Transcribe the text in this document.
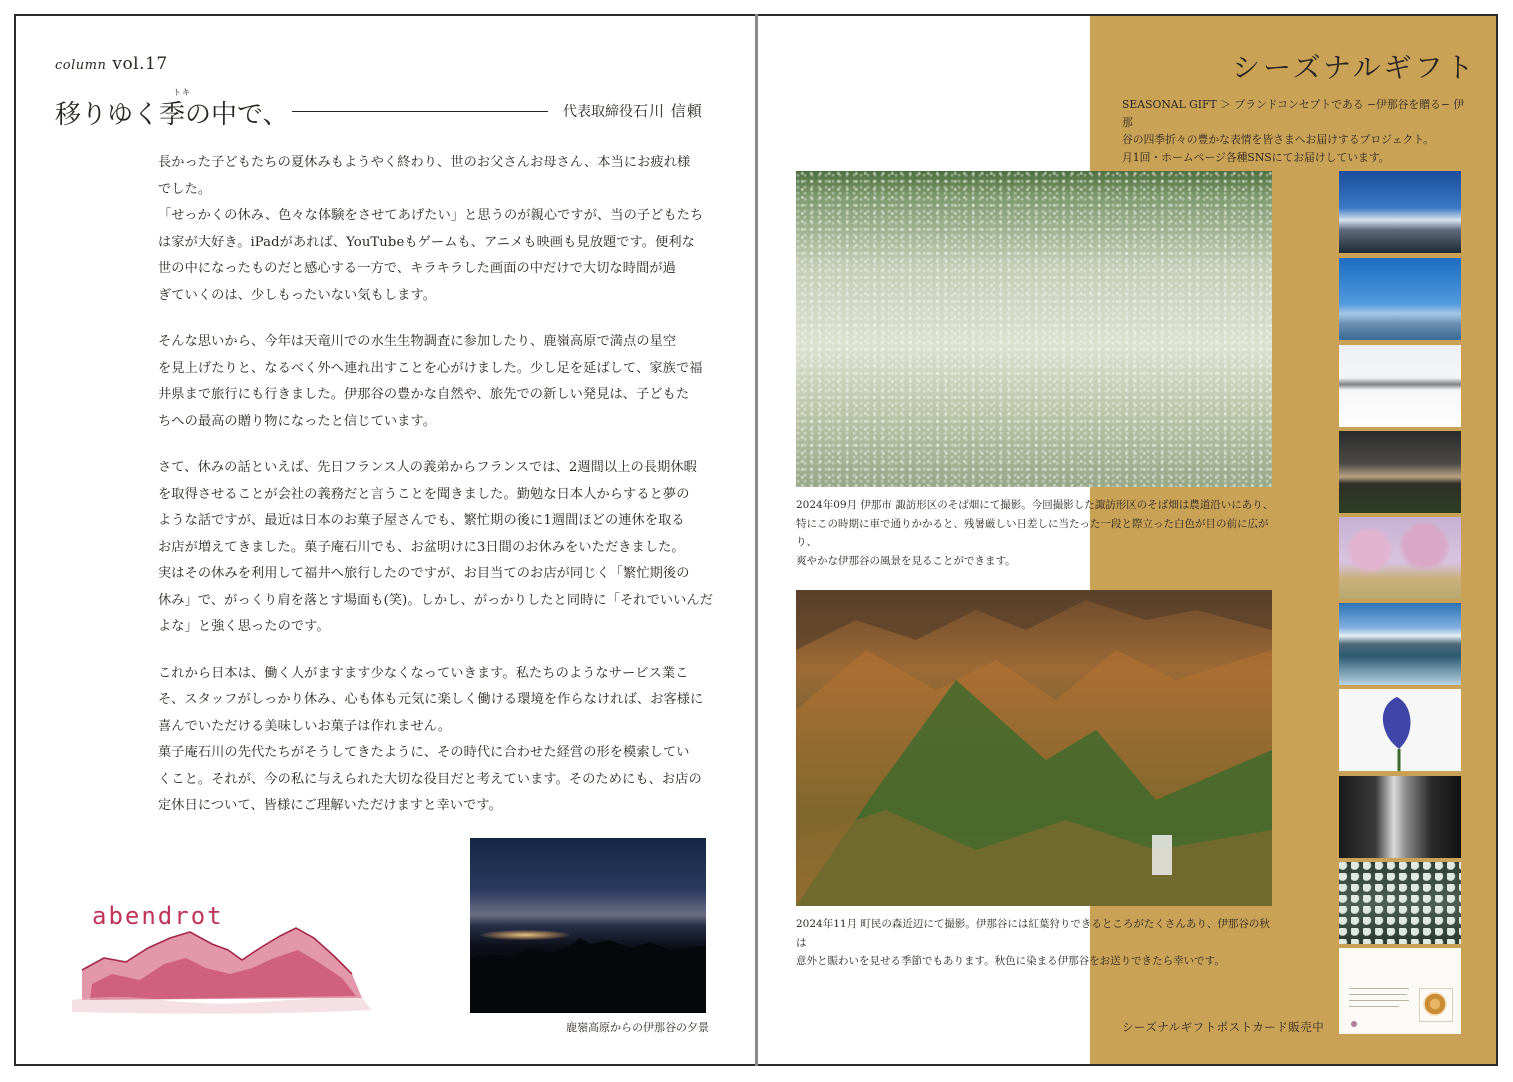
column vol.17
移りゆく季の中で、
トキ
代表取締役 石川 信頼

長かった子どもたちの夏休みもようやく終わり、世のお父さんお母さん、本当にお疲れ様

でした。

「せっかくの休み、色々な体験をさせてあげたい」と思うのが親心ですが、当の子どもたち

は家が大好き。iPadがあれば、YouTubeもゲームも、アニメも映画も見放題です。便利な

世の中になったものだと感心する一方で、キラキラした画面の中だけで大切な時間が過

ぎていくのは、少しもったいない気もします。

そんな思いから、今年は天竜川での水生生物調査に参加したり、鹿嶺高原で満点の星空

を見上げたりと、なるべく外へ連れ出すことを心がけました。少し足を延ばして、家族で福

井県まで旅行にも行きました。伊那谷の豊かな自然や、旅先での新しい発見は、子どもた

ちへの最高の贈り物になったと信じています。

さて、休みの話といえば、先日フランス人の義弟からフランスでは、2週間以上の長期休暇

を取得させることが会社の義務だと言うことを聞きました。勤勉な日本人からすると夢の

ような話ですが、最近は日本のお菓子屋さんでも、繁忙期の後に1週間ほどの連休を取る

お店が増えてきました。菓子庵石川でも、お盆明けに3日間のお休みをいただきました。

実はその休みを利用して福井へ旅行したのですが、お目当てのお店が同じく「繁忙期後の

休み」で、がっくり肩を落とす場面も(笑)。しかし、がっかりしたと同時に「それでいいんだ

よな」と強く思ったのです。

これから日本は、働く人がますます少なくなっていきます。私たちのようなサービス業こ

そ、スタッフがしっかり休み、心も体も元気に楽しく働ける環境を作らなければ、お客様に

喜んでいただける美味しいお菓子は作れません。

菓子庵石川の先代たちがそうしてきたように、その時代に合わせた経営の形を模索してい

くこと。それが、今の私に与えられた大切な役目だと考えています。そのためにも、お店の

定休日について、皆様にご理解いただけますと幸いです。

abendrot
鹿嶺高原からの伊那谷の夕景
シーズナルギフト

SEASONAL GIFT ＞ ブランドコンセプトである −伊那谷を贈る− 伊那

谷の四季折々の豊かな表情を皆さまへお届けするプロジェクト。

月1回・ホームページ各種SNSにてお届けしています。

2024年09月 伊那市 諏訪形区のそば畑にて撮影。今回撮影した諏訪形区のそば畑は農道沿いにあり、

特にこの時期に車で通りかかると、残暑厳しい日差しに当たった一段と際立った白色が目の前に広がり、

爽やかな伊那谷の風景を見ることができます。

2024年11月 町民の森近辺にて撮影。伊那谷には紅葉狩りできるところがたくさんあり、伊那谷の秋は

意外と賑わいを見せる季節でもあります。秋色に染まる伊那谷をお送りできたら幸いです。

シーズナルギフトポストカード販売中
